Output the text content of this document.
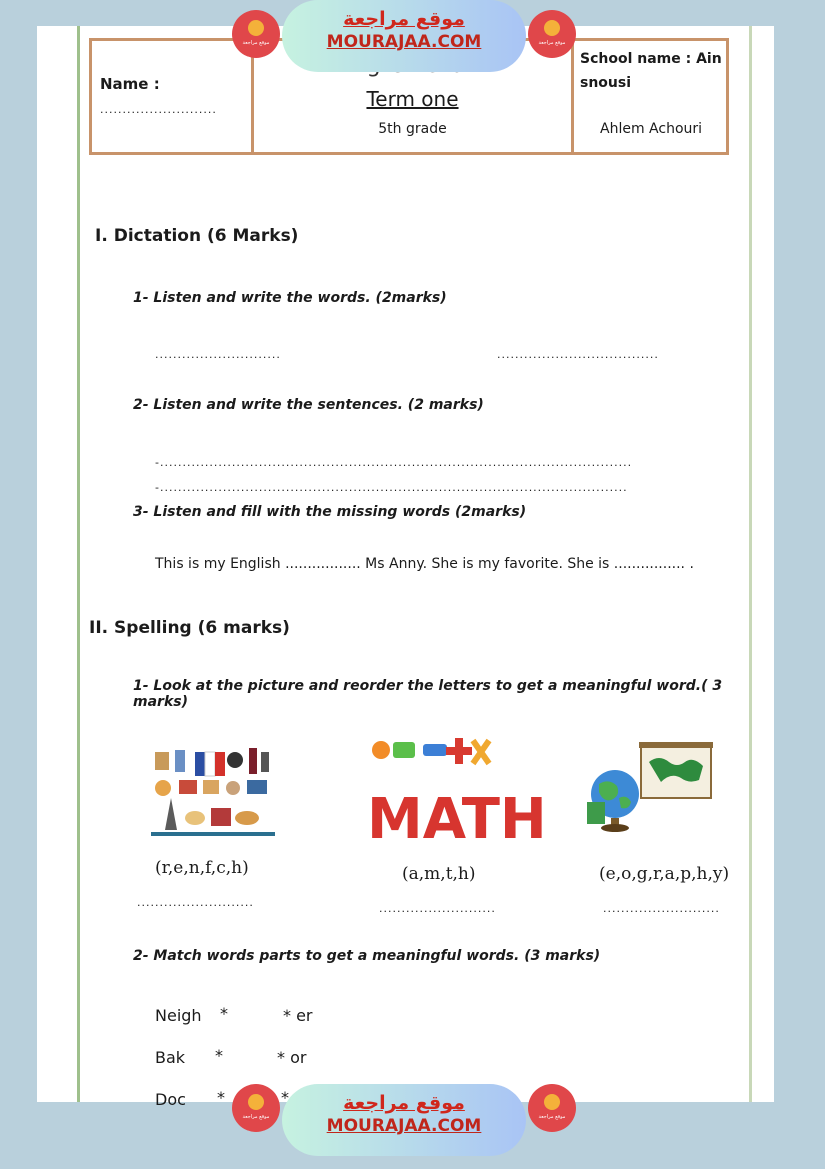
Name :
..........................	Term one
5th grade
School name : Ain snousi
Ahlem Achouri
I. Dictation (6 Marks)
1- Listen and write the words. (2marks)
............................	....................................
2- Listen and write the sentences. (2 marks)
-.........................................................................................................
-........................................................................................................
3- Listen and fill with the missing words (2marks)
This is my English ................. Ms Anny. She is my favorite. She is ................ .
II. Spelling (6 marks)
1- Look at the picture and reorder the letters to get a meaningful word.( 3 marks)
MATH
(r,e,n,f,c,h)	(a,m,t,h)	(e,o,g,r,a,p,h,y)
..........................	..........................	..........................
2- Match words parts to get a meaningful words. (3 marks)
Neigh *	* er
Bak *	* or
Doc *	*
موقع مراجعة
موقع مراجعة
MOURAJAA.COM	موقع مراجعة
موقع مراجعة
موقع مراجعة
MOURAJAA.COM	موقع مراجعة
